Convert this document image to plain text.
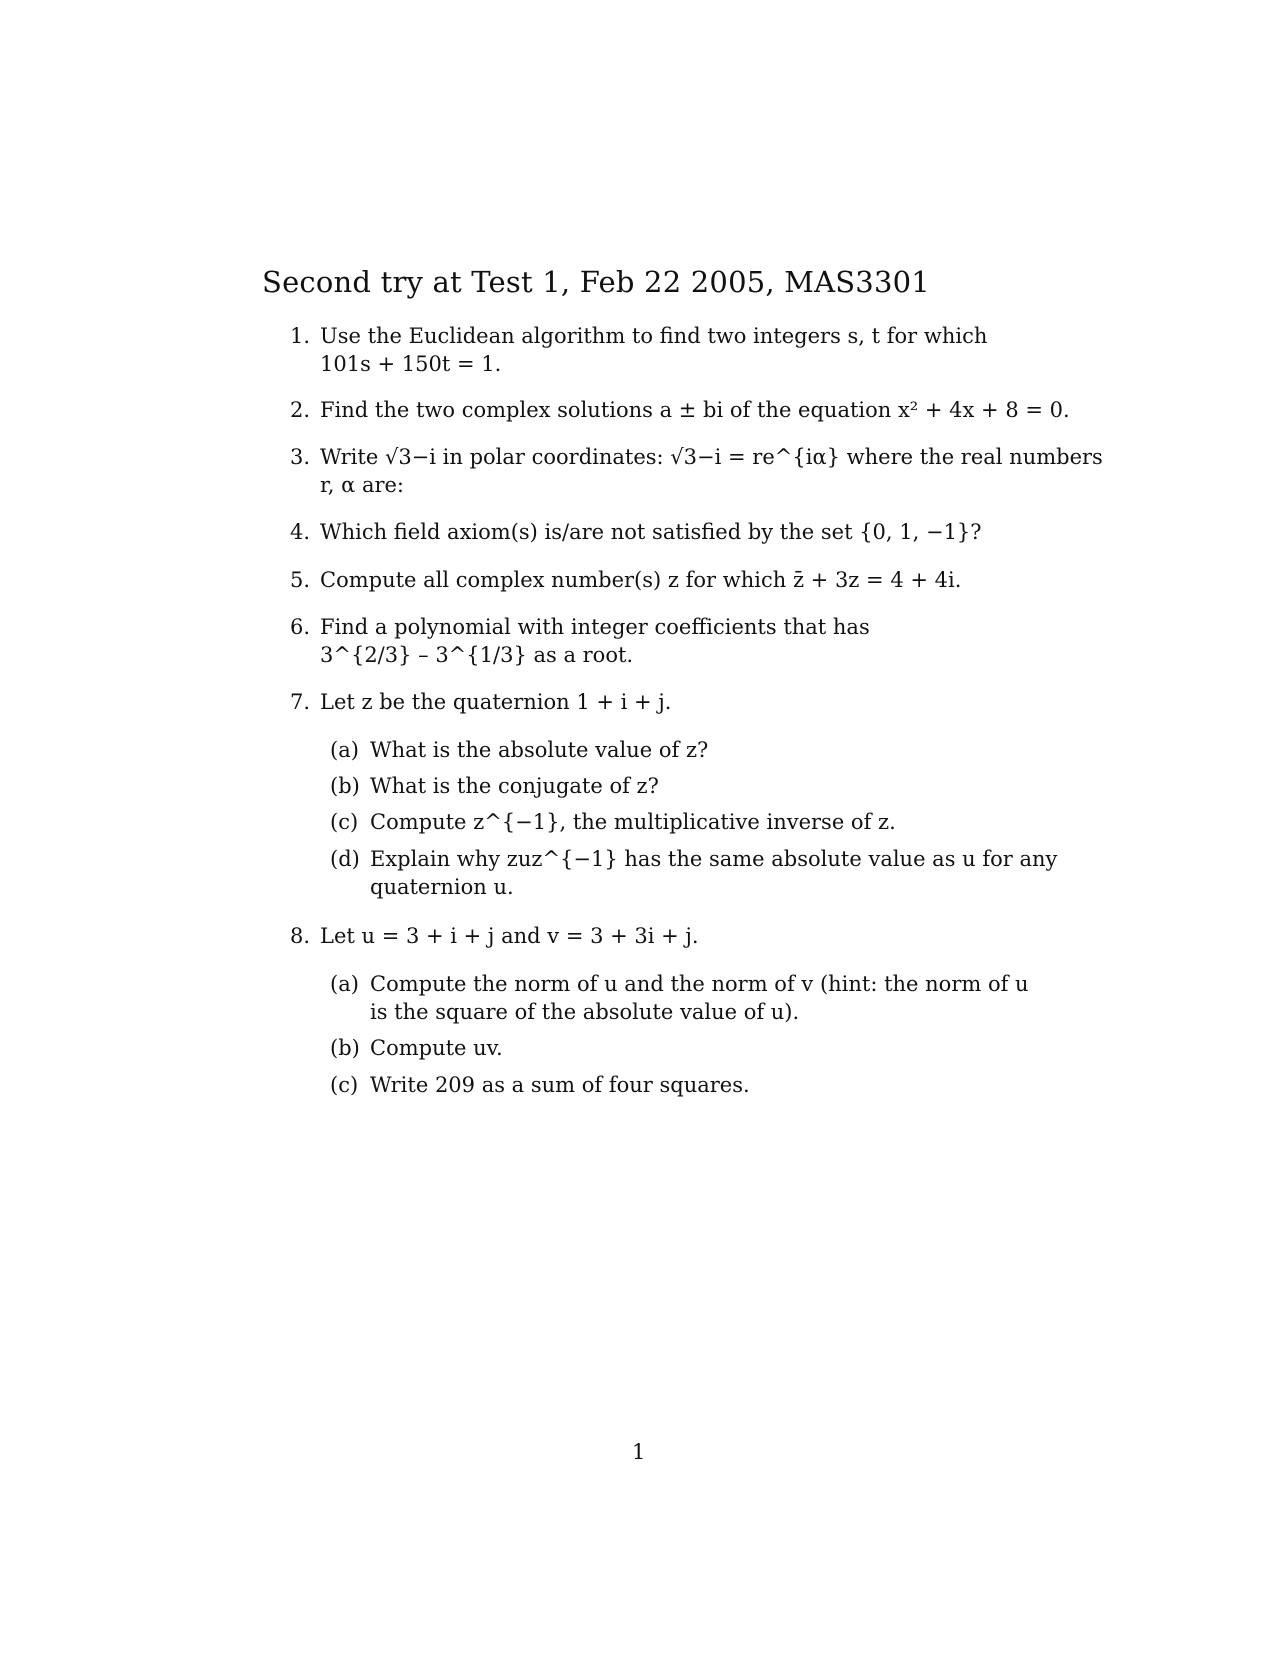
Second try at Test 1, Feb 22 2005, MAS3301
1. Use the Euclidean algorithm to find two integers s, t for which
101s + 150t = 1.
2. Find the two complex solutions a ± bi of the equation x² + 4x + 8 = 0.
3. Write √3−i in polar coordinates: √3−i = re^{iα} where the real numbers
r, α are:
4. Which field axiom(s) is/are not satisfied by the set {0, 1, −1}?
5. Compute all complex number(s) z for which z̄ + 3z = 4 + 4i.
6. Find a polynomial with integer coefficients that has
3^{2/3} – 3^{1/3} as a root.
7. Let z be the quaternion 1 + i + j.
(a) What is the absolute value of z?
(b) What is the conjugate of z?
(c) Compute z^{−1}, the multiplicative inverse of z.
(d) Explain why zuz^{−1} has the same absolute value as u for any
quaternion u.
8. Let u = 3 + i + j and v = 3 + 3i + j.
(a) Compute the norm of u and the norm of v (hint: the norm of u
is the square of the absolute value of u).
(b) Compute uv.
(c) Write 209 as a sum of four squares.
1
